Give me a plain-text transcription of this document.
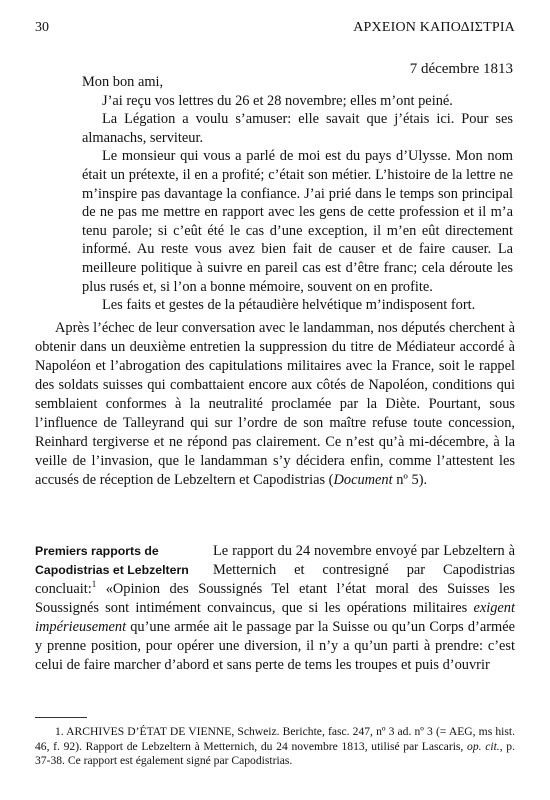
30	ΑΡΧΕΙΟΝ ΚΑΠΟΔΙΣΤΡΙΑ
7 décembre 1813

Mon bon ami,

J’ai reçu vos lettres du 26 et 28 novembre; elles m’ont peiné.

La Légation a voulu s’amuser: elle savait que j’étais ici. Pour ses almanachs, serviteur.

Le monsieur qui vous a parlé de moi est du pays d’Ulysse. Mon nom était un prétexte, il en a profité; c’était son métier. L’histoire de la lettre ne m’inspire pas davantage la confiance. J’ai prié dans le temps son principal de ne pas me mettre en rapport avec les gens de cette profession et il m’a tenu parole; si c’eût été le cas d’une exception, il m’en eût directement informé. Au reste vous avez bien fait de causer et de faire causer. La meilleure politique à suivre en pareil cas est d’être franc; cela déroute les plus rusés et, si l’on a bonne mémoire, souvent on en profite.

Les faits et gestes de la pétaudière helvétique m’indisposent fort.

Après l’échec de leur conversation avec le landamman, nos députés cherchent à obtenir dans un deuxième entretien la suppression du titre de Médiateur accordé à Napoléon et l’abrogation des capitulations militaires avec la France, soit le rappel des soldats suisses qui combattaient encore aux côtés de Napoléon, conditions qui semblaient conformes à la neutralité proclamée par la Diète. Pourtant, sous l’influence de Talleyrand qui sur l’ordre de son maître refuse toute concession, Reinhard tergiverse et ne répond pas clairement. Ce n’est qu’à mi-décembre, à la veille de l’invasion, que le landamman s’y décidera enfin, comme l’attestent les accusés de réception de Lebzeltern et Capodistrias (Document nº 5).

Premiers rapports de
Capodistrias et Lebzeltern

Le rapport du 24 novembre envoyé par Lebzeltern à Metternich et contresigné par Capodistrias concluait:$^1$ «Opinion des Soussignés Tel etant l’état moral des Suisses les Soussignés sont intimément convaincus, que si les opérations militaires exigent impérieusement qu’une armée ait le passage par la Suisse ou qu’un Corps d’armée y prenne position, pour opérer une diversion, il n’y a qu’un parti à prendre: c’est celui de faire marcher d’abord et sans perte de tems les troupes et puis d’ouvrir

1. ARCHIVES D’ÉTAT DE VIENNE, Schweiz. Berichte, fasc. 247, nº 3 ad. nº 3 (= AEG, ms hist. 46, f. 92). Rapport de Lebzeltern à Metternich, du 24 novembre 1813, utilisé par Lascaris, op. cit., p. 37-38. Ce rapport est également signé par Capodistrias.
